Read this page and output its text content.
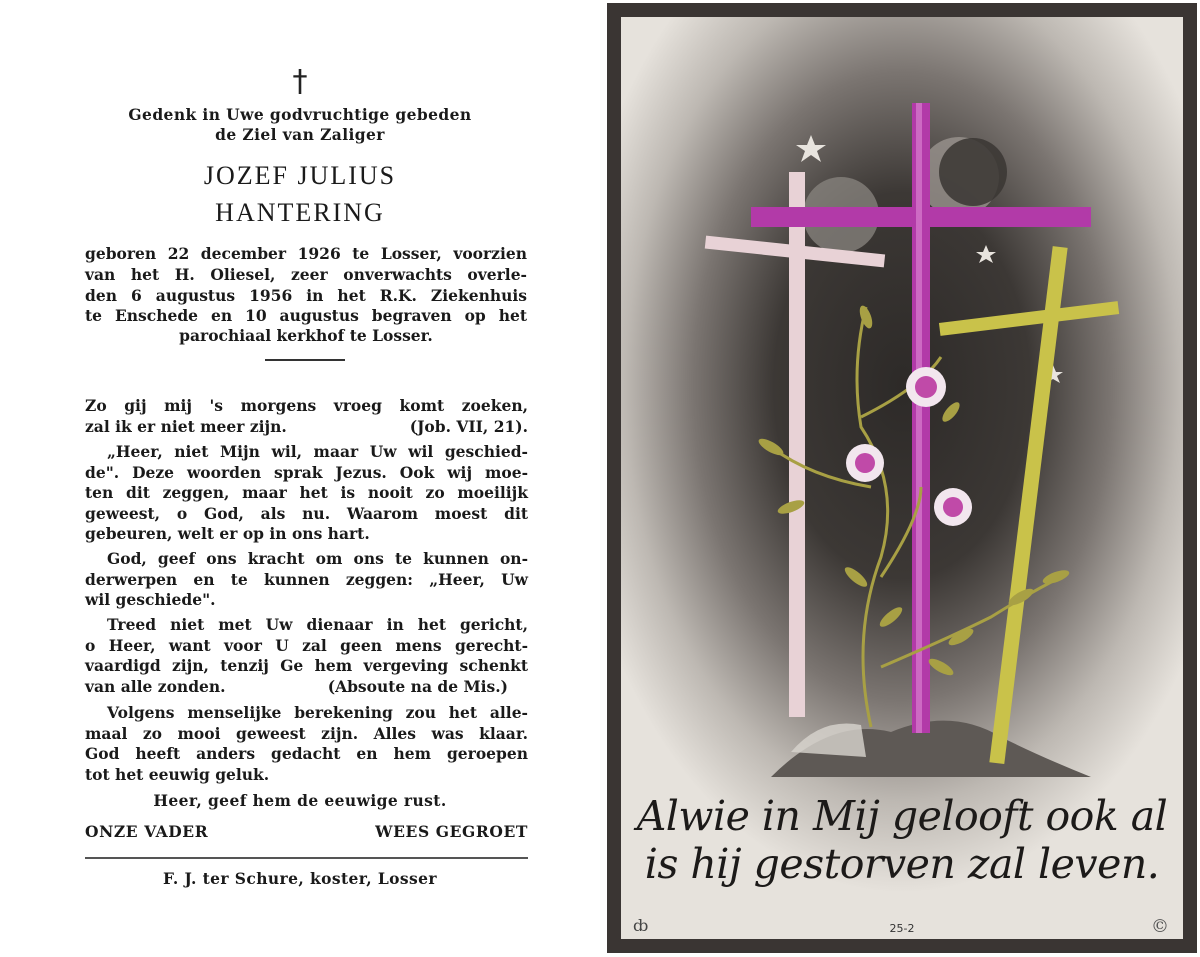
†
Gedenk in Uwe godvruchtige gebeden
de Ziel van Zaliger
JOZEF JULIUS
HANTERING
geboren 22 december 1926 te Losser, voorzien
van het H. Oliesel, zeer onverwachts overle-
den 6 augustus 1956 in het R.K. Ziekenhuis
te Enschede en 10 augustus begraven op het
parochiaal kerkhof te Losser.
Zo gij mij 's morgens vroeg komt zoeken,
zal ik er niet meer zijn.	(Job. VII, 21).
„Heer, niet Mijn wil, maar Uw wil geschied-
de". Deze woorden sprak Jezus. Ook wij moe-
ten dit zeggen, maar het is nooit zo moeilijk
geweest, o God, als nu. Waarom moest dit
gebeuren, welt er op in ons hart.
God, geef ons kracht om ons te kunnen on-
derwerpen en te kunnen zeggen: „Heer, Uw
wil geschiede".
Treed niet met Uw dienaar in het gericht,
o Heer, want voor U zal geen mens gerecht-
vaardigd zijn, tenzij Ge hem vergeving schenkt
van alle zonden.	(Absoute na de Mis.)
Volgens menselijke berekening zou het alle-
maal zo mooi geweest zijn. Alles was klaar.
God heeft anders gedacht en hem geroepen
tot het eeuwig geluk.
Heer, geef hem de eeuwige rust.
ONZE VADER	WEES GEGROET
F. J. ter Schure, koster, Losser
Alwie in Mij gelooft ook al
is hij gestorven zal leven.
ȸ	25-2	©
